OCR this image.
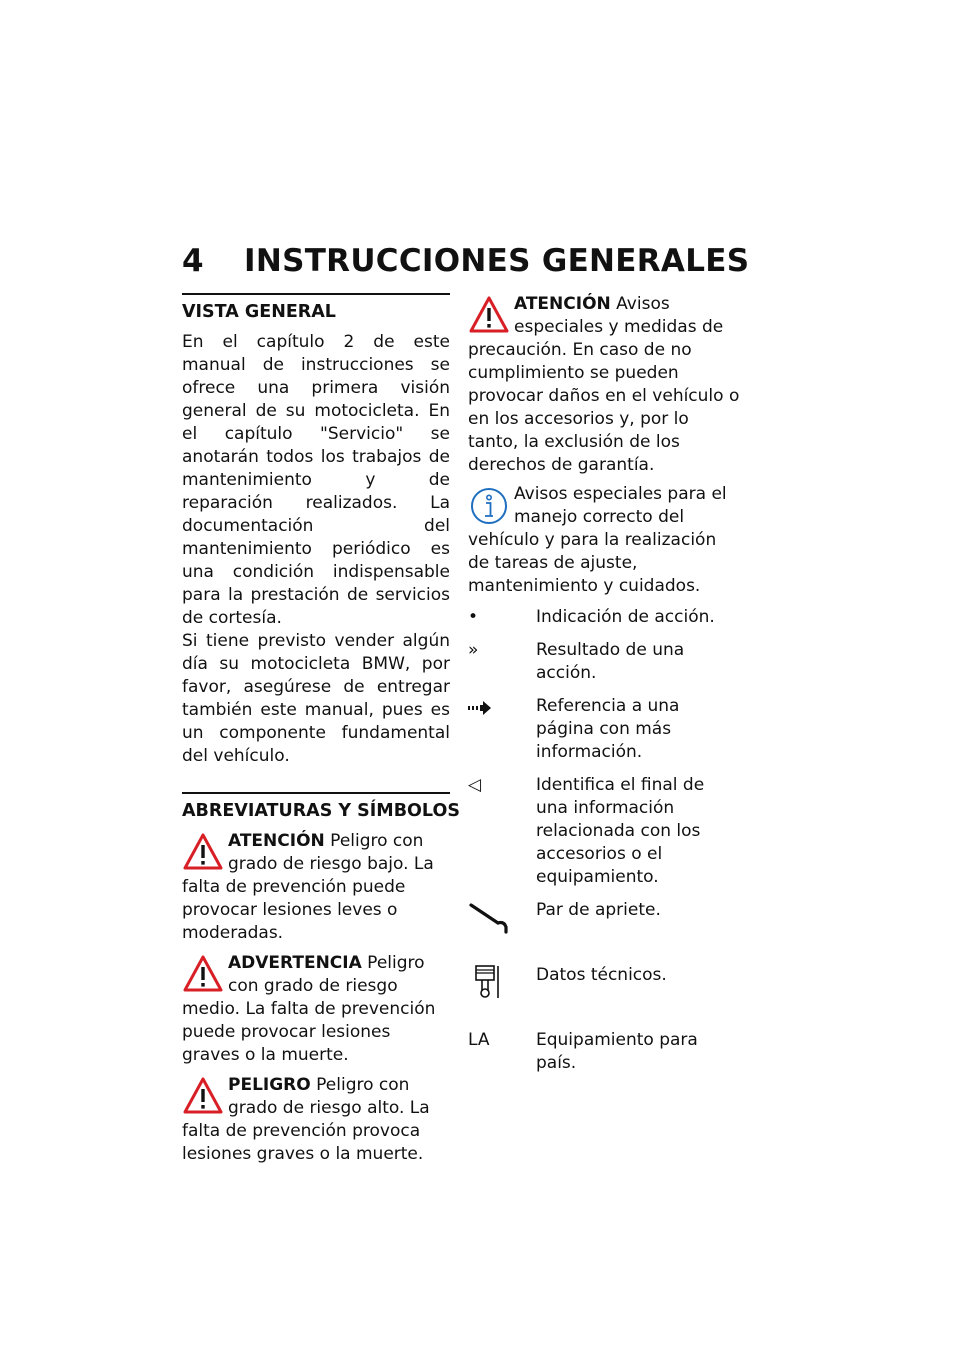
4 INSTRUCCIONES GENERALES
VISTA GENERAL

En el capítulo 2 de este manual de instrucciones se ofrece una primera visión general de su motocicleta. En el capítulo "Servicio" se anotarán todos los trabajos de mantenimiento y de reparación realizados. La documentación del mantenimiento periódico es una condición indispensable para la prestación de servicios de cortesía.

Si tiene previsto vender algún día su motocicleta BMW, por favor, asegúrese de entregar también este manual, pues es un componente fundamental del vehículo.

ABREVIATURAS Y SÍMBOLOS

ATENCIÓN Peligro con grado de riesgo bajo. La falta de prevención puede provocar lesiones leves o moderadas.

ADVERTENCIA Peligro con grado de riesgo medio. La falta de prevención puede provocar lesiones graves o la muerte.

PELIGRO Peligro con grado de riesgo alto. La falta de prevención provoca lesiones graves o la muerte.

ATENCIÓN Avisos especiales y medidas de precaución. En caso de no cumplimiento se pueden provocar daños en el vehículo o en los accesorios y, por lo tanto, la exclusión de los derechos de garantía.

Avisos especiales para el manejo correcto del vehículo y para la realización de tareas de ajuste, mantenimiento y cuidados.

•	Indicación de acción.
»	Resultado de una acción.
Referencia a una página con más información.
◁	Identifica el final de una información relacionada con los accesorios o el equipamiento.
Par de apriete.
Datos técnicos.
LA	Equipamiento para país.
